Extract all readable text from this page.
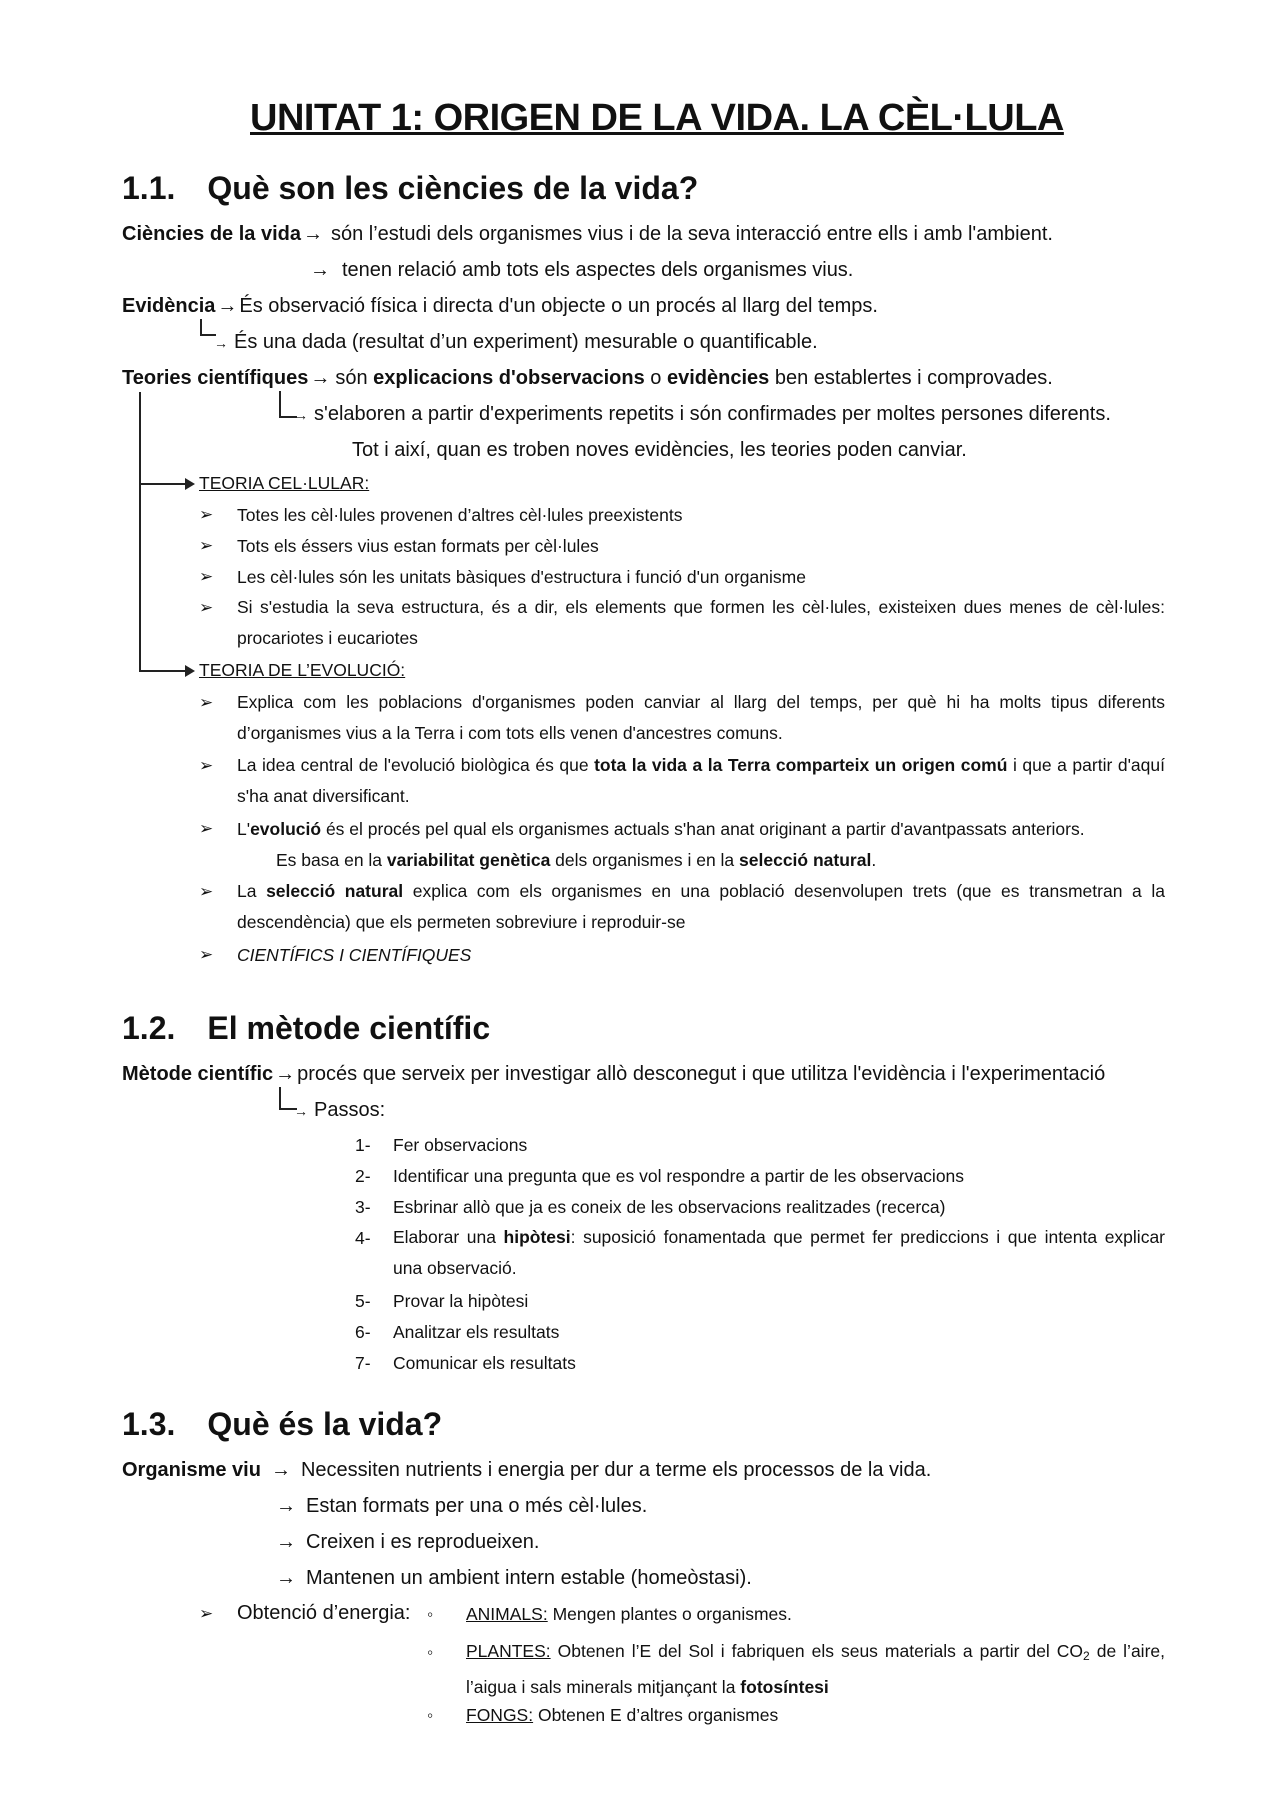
UNITAT 1: ORIGEN DE LA VIDA. LA CÈL·LULA
1.1. Què son les ciències de la vida?
Ciències de la vida → són l’estudi dels organismes vius i de la seva interacció entre ells i amb l'ambient.
→ tenen relació amb tots els aspectes dels organismes vius.
Evidència → És observació física i directa d'un objecte o un procés al llarg del temps.
→ És una dada (resultat d’un experiment) mesurable o quantificable.
Teories científiques → són explicacions d'observacions o evidències ben establertes i comprovades.
→ s'elaboren a partir d'experiments repetits i són confirmades per moltes persones diferents.
Tot i així, quan es troben noves evidències, les teories poden canviar.
TEORIA CEL·LULAR:
➢ Totes les cèl·lules provenen d’altres cèl·lules preexistents
➢ Tots els éssers vius estan formats per cèl·lules
➢ Les cèl·lules són les unitats bàsiques d'estructura i funció d'un organisme
➢ Si s'estudia la seva estructura, és a dir, els elements que formen les cèl·lules, existeixen dues menes de cèl·lules: procariotes i eucariotes
TEORIA DE L’EVOLUCIÓ:
➢ Explica com les poblacions d'organismes poden canviar al llarg del temps, per què hi ha molts tipus diferents d’organismes vius a la Terra i com tots ells venen d'ancestres comuns.
➢ La idea central de l'evolució biològica és que tota la vida a la Terra comparteix un origen comú i que a partir d'aquí s'ha anat diversificant.
➢ L'evolució és el procés pel qual els organismes actuals s'han anat originant a partir d'avantpassats anteriors.
Es basa en la variabilitat genètica dels organismes i en la selecció natural.
➢ La selecció natural explica com els organismes en una població desenvolupen trets (que es transmetran a la descendència) que els permeten sobreviure i reproduir-se
➢ CIENTÍFICS I CIENTÍFIQUES
1.2. El mètode científic
Mètode científic → procés que serveix per investigar allò desconegut i que utilitza l'evidència i l'experimentació
→ Passos:
1- Fer observacions
2- Identificar una pregunta que es vol respondre a partir de les observacions
3- Esbrinar allò que ja es coneix de les observacions realitzades (recerca)
4- Elaborar una hipòtesi: suposició fonamentada que permet fer prediccions i que intenta explicar una observació.
5- Provar la hipòtesi
6- Analitzar els resultats
7- Comunicar els resultats
1.3. Què és la vida?
Organisme viu → Necessiten nutrients i energia per dur a terme els processos de la vida.
→ Estan formats per una o més cèl·lules.
→ Creixen i es reprodueixen.
→ Mantenen un ambient intern estable (homeòstasi).
➢ Obtenció d’energia: ◦ ANIMALS: Mengen plantes o organismes.
◦ PLANTES: Obtenen l’E del Sol i fabriquen els seus materials a partir del $CO_2$ de l’aire, l’aigua i sals minerals mitjançant la fotosíntesi
◦ FONGS: Obtenen E d’altres organismes
